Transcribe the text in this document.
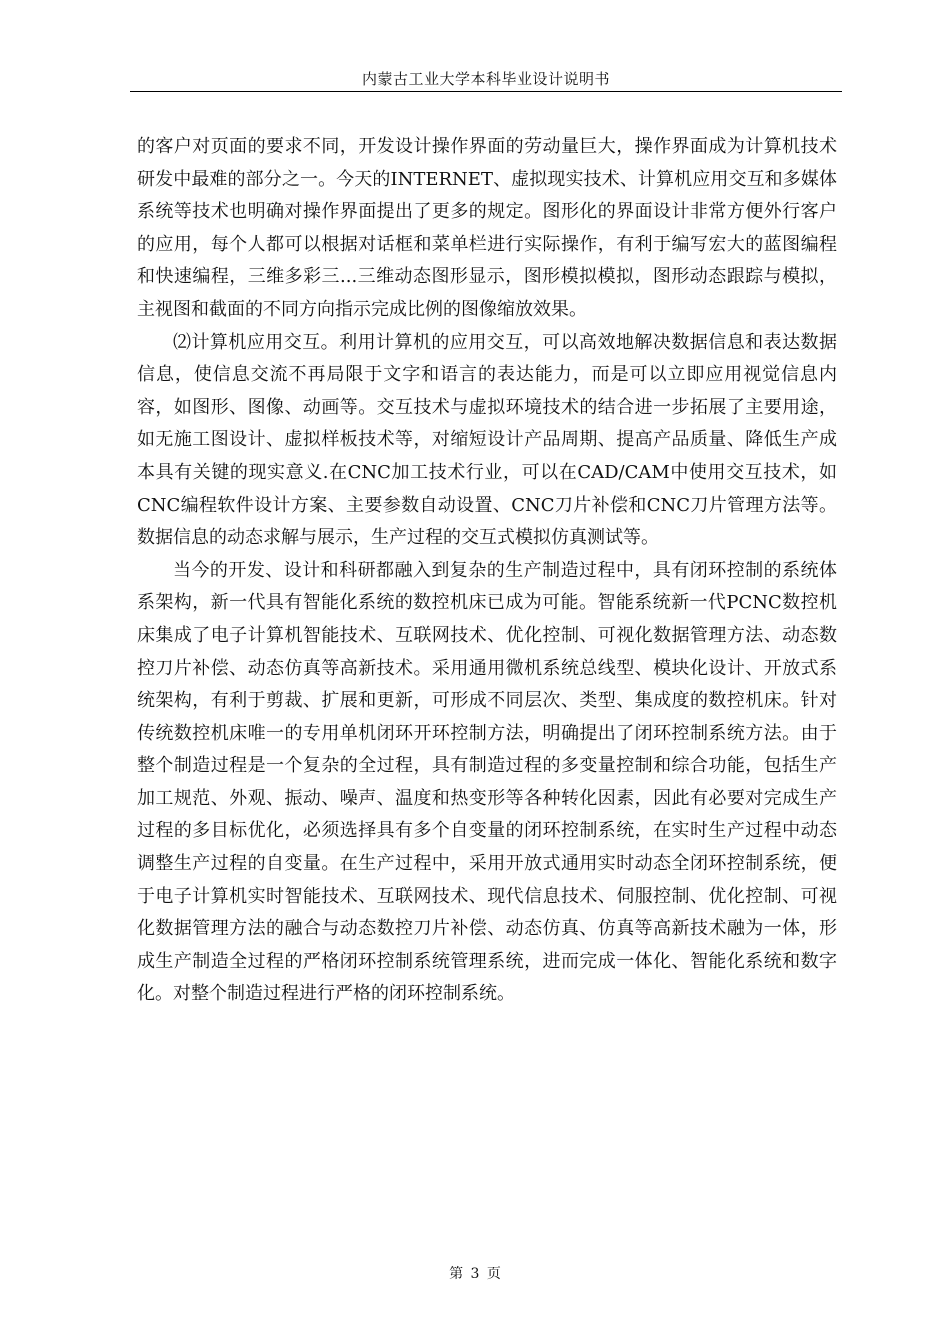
内蒙古工业大学本科毕业设计说明书

的客户对页面的要求不同，开发设计操作界面的劳动量巨大，操作界面成为计算机技术研发中最难的部分之一。今天的INTERNET、虚拟现实技术、计算机应用交互和多媒体系统等技术也明确对操作界面提出了更多的规定。图形化的界面设计非常方便外行客户的应用，每个人都可以根据对话框和菜单栏进行实际操作，有利于编写宏大的蓝图编程和快速编程，三维多彩三...三维动态图形显示，图形模拟模拟，图形动态跟踪与模拟，主视图和截面的不同方向指示完成比例的图像缩放效果。

⑵计算机应用交互。利用计算机的应用交互，可以高效地解决数据信息和表达数据信息，使信息交流不再局限于文字和语言的表达能力，而是可以立即应用视觉信息内容，如图形、图像、动画等。交互技术与虚拟环境技术的结合进一步拓展了主要用途，如无施工图设计、虚拟样板技术等，对缩短设计产品周期、提高产品质量、降低生产成本具有关键的现实意义.在CNC加工技术行业，可以在CAD/CAM中使用交互技术，如CNC编程软件设计方案、主要参数自动设置、CNC刀片补偿和CNC刀片管理方法等。数据信息的动态求解与展示，生产过程的交互式模拟仿真测试等。

当今的开发、设计和科研都融入到复杂的生产制造过程中，具有闭环控制的系统体系架构，新一代具有智能化系统的数控机床已成为可能。智能系统新一代PCNC数控机床集成了电子计算机智能技术、互联网技术、优化控制、可视化数据管理方法、动态数控刀片补偿、动态仿真等高新技术。采用通用微机系统总线型、模块化设计、开放式系统架构，有利于剪裁、扩展和更新，可形成不同层次、类型、集成度的数控机床。针对传统数控机床唯一的专用单机闭环开环控制方法，明确提出了闭环控制系统方法。由于整个制造过程是一个复杂的全过程，具有制造过程的多变量控制和综合功能，包括生产加工规范、外观、振动、噪声、温度和热变形等各种转化因素，因此有必要对完成生产过程的多目标优化，必须选择具有多个自变量的闭环控制系统，在实时生产过程中动态调整生产过程的自变量。在生产过程中，采用开放式通用实时动态全闭环控制系统，便于电子计算机实时智能技术、互联网技术、现代信息技术、伺服控制、优化控制、可视化数据管理方法的融合与动态数控刀片补偿、动态仿真、仿真等高新技术融为一体，形成生产制造全过程的严格闭环控制系统管理系统，进而完成一体化、智能化系统和数字化。对整个制造过程进行严格的闭环控制系统。

第 3 页
